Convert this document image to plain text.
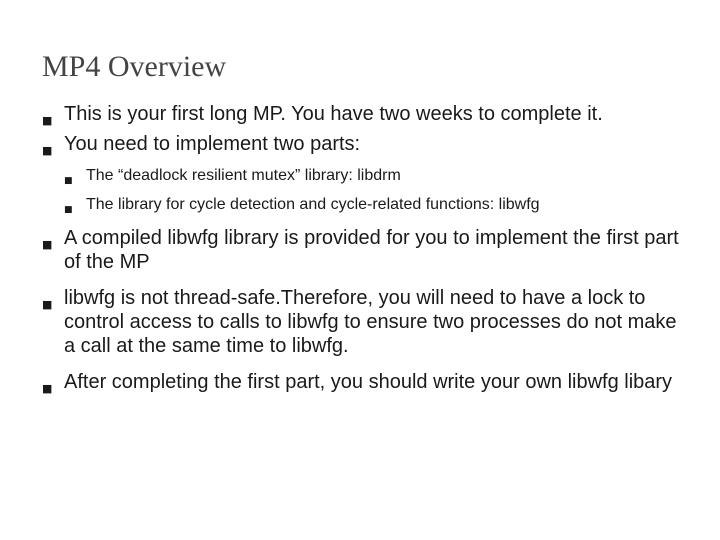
MP4 Overview
■ This is your first long MP. You have two weeks to complete it.
■ You need to implement two parts:
■ The “deadlock resilient mutex” library: libdrm
■ The library for cycle detection and cycle-related functions: libwfg
■ A compiled libwfg library is provided for you to implement the first part of the MP
■ libwfg is not thread-safe.Therefore, you will need to have a lock to control access to calls to libwfg to ensure two processes do not make a call at the same time to libwfg.
■ After completing the first part, you should write your own libwfg libary
